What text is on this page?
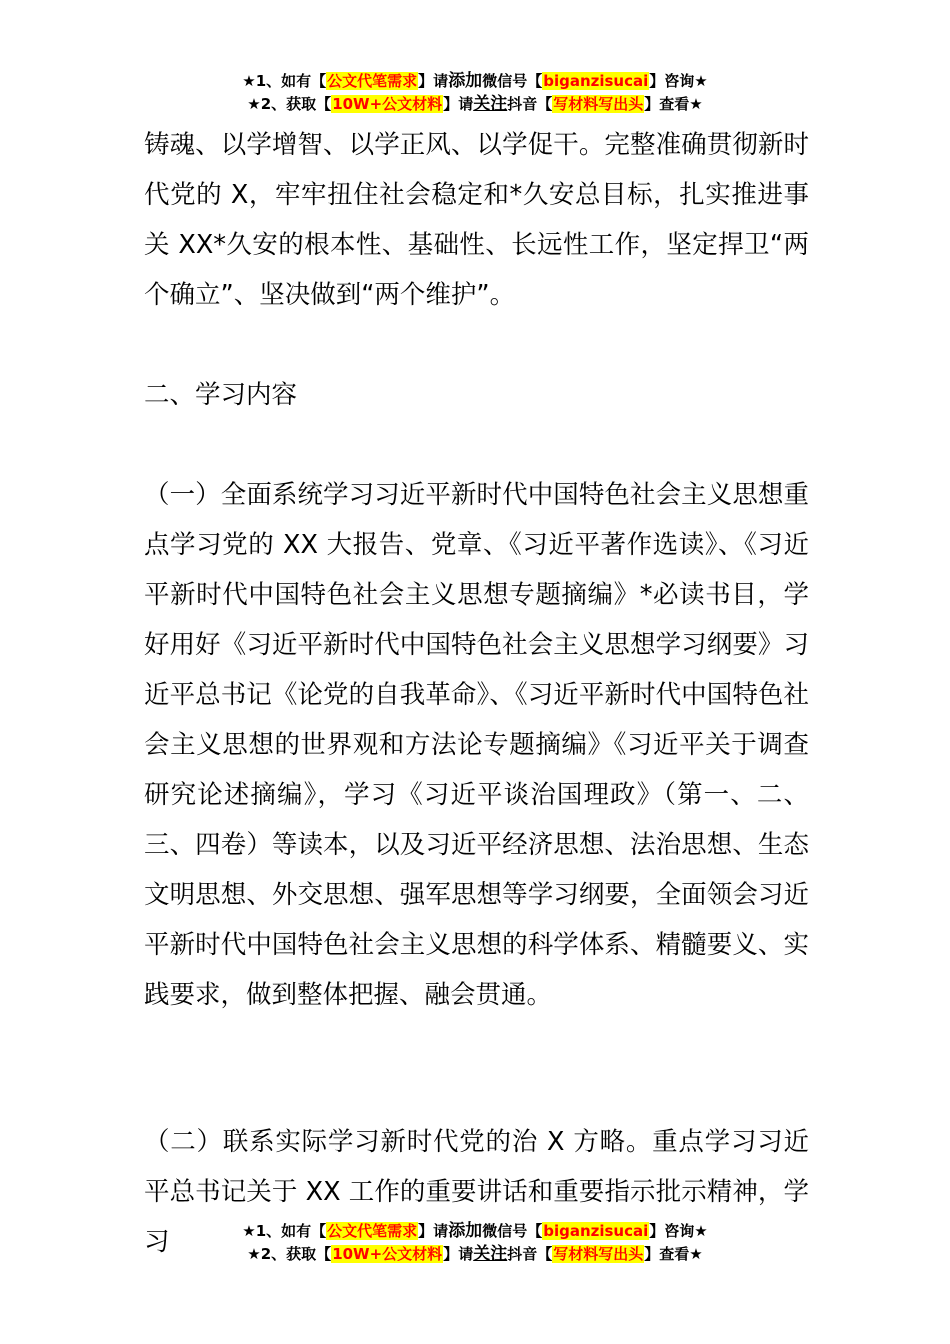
★1、如有【公文代笔需求】请添加微信号【biganzisucai】咨询★
★2、获取【10W+公文材料】请关注抖音【写材料写出头】查看★

铸魂、以学增智、以学正风、以学促干。完整准确贯彻新时代党的 X，牢牢扭住社会稳定和*久安总目标，扎实推进事关 XX*久安的根本性、基础性、长远性工作，坚定捍卫“两个确立”、坚决做到“两个维护”。

二、学习内容

（一）全面系统学习习近平新时代中国特色社会主义思想重点学习党的 XX 大报告、党章、《习近平著作选读》、《习近平新时代中国特色社会主义思想专题摘编》*必读书目，学好用好《习近平新时代中国特色社会主义思想学习纲要》习近平总书记《论党的自我革命》、《习近平新时代中国特色社会主义思想的世界观和方法论专题摘编》《习近平关于调查研究论述摘编》，学习《习近平谈治国理政》（第一、二、三、四卷）等读本，以及习近平经济思想、法治思想、生态文明思想、外交思想、强军思想等学习纲要，全面领会习近平新时代中国特色社会主义思想的科学体系、精髓要义、实践要求，做到整体把握、融会贯通。

（二）联系实际学习新时代党的治 X 方略。重点学习习近平总书记关于 XX 工作的重要讲话和重要指示批示精神，学习	★1、如有【公文代笔需求】请添加微信号【biganzisucai】咨询★
★2、获取【10W+公文材料】请关注抖音【写材料写出头】查看★
